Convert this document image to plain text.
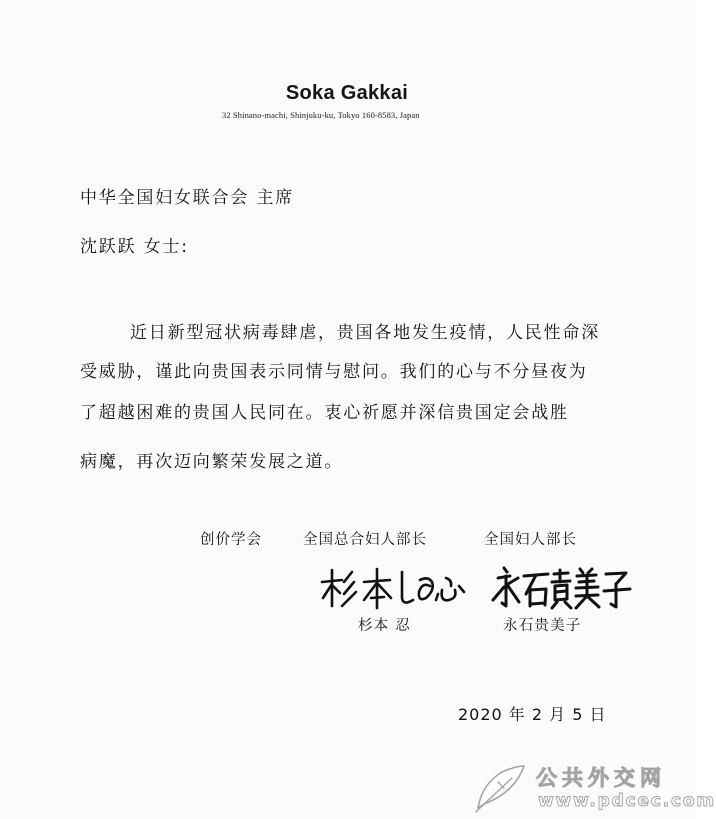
Soka Gakkai
32 Shinano-machi, Shinjuku-ku, Tokyo 160-8583, Japan
中华全国妇女联合会 主席
沈跃跃 女士:
近日新型冠状病毒肆虐，贵国各地发生疫情，人民性命深
受威胁，谨此向贵国表示同情与慰问。我们的心与不分昼夜为
了超越困难的贵国人民同在。衷心祈愿并深信贵国定会战胜
病魔，再次迈向繁荣发展之道。
创价学会	全国总合妇人部长	全国妇人部长
杉本 忍	永石贵美子
2020 年 2 月 5 日
公共外交网
www.pdcec.com
